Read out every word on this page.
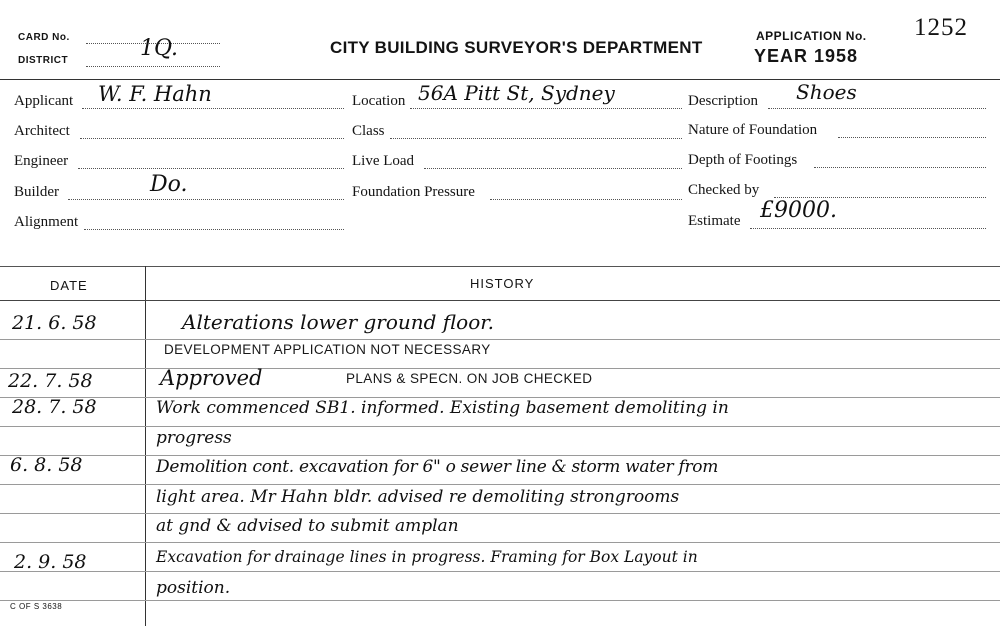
CARD No.
DISTRICT	1Q.	CITY BUILDING SURVEYOR'S DEPARTMENT
APPLICATION No. 1252
YEAR 1958
Applicant W. F. Hahn
Architect
Engineer
Builder	Do.
Alignment
Location 56A Pitt St, Sydney
Class
Live Load
Foundation Pressure
Description Shoes
Nature of Foundation
Depth of Footings
Checked by
Estimate £9000.
DATE	HISTORY
21. 6. 58	Alterations lower ground floor.
DEVELOPMENT APPLICATION NOT NECESSARY
22. 7. 58	Approved	PLANS & SPECN. ON JOB CHECKED
28. 7. 58	Work commenced SB1. informed. Existing basement demoliting in
progress
6. 8. 58	Demolition cont. excavation for 6" o sewer line & storm water from
light area. Mr Hahn bldr. advised re demoliting strongrooms
at gnd & advised to submit amplan
2. 9. 58	Excavation for drainage lines in progress. Framing for Box Layout in
position.
C OF S 3638
